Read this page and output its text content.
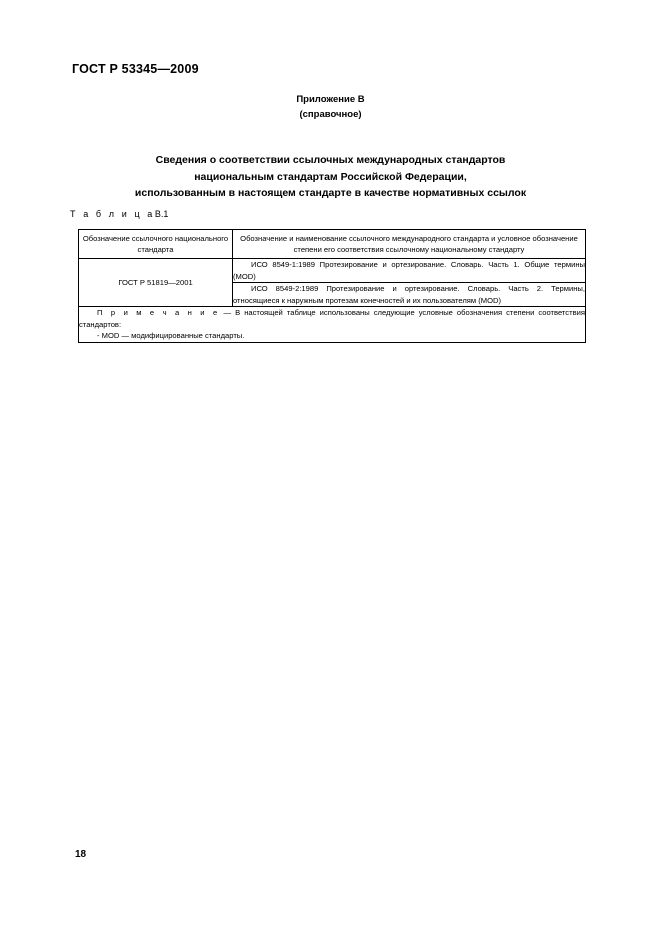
ГОСТ Р 53345—2009
Приложение В
(справочное)
Сведения о соответствии ссылочных международных стандартов
национальным стандартам Российской Федерации,
использованным в настоящем стандарте в качестве нормативных ссылок
Т а б л и ц аВ.1
Обозначение ссылочного национального стандарта	Обозначение и наименование ссылочного международного стандарта и условное обозначение степени его соответствия ссылочному национальному стандарту
ГОСТ Р 51819—2001	ИСО 8549-1:1989 Протезирование и ортезирование. Словарь. Часть 1. Общие термины (MOD)
	ИСО 8549-2:1989 Протезирование и ортезирование. Словарь. Часть 2. Термины, относящиеся к наружным протезам конечностей и их пользователям (MOD)

П р и м е ч а н и е — В настоящей таблице использованы следующие условные обозначения степени соответствия стандартов:
- MOD — модифицированные стандарты.	
18
